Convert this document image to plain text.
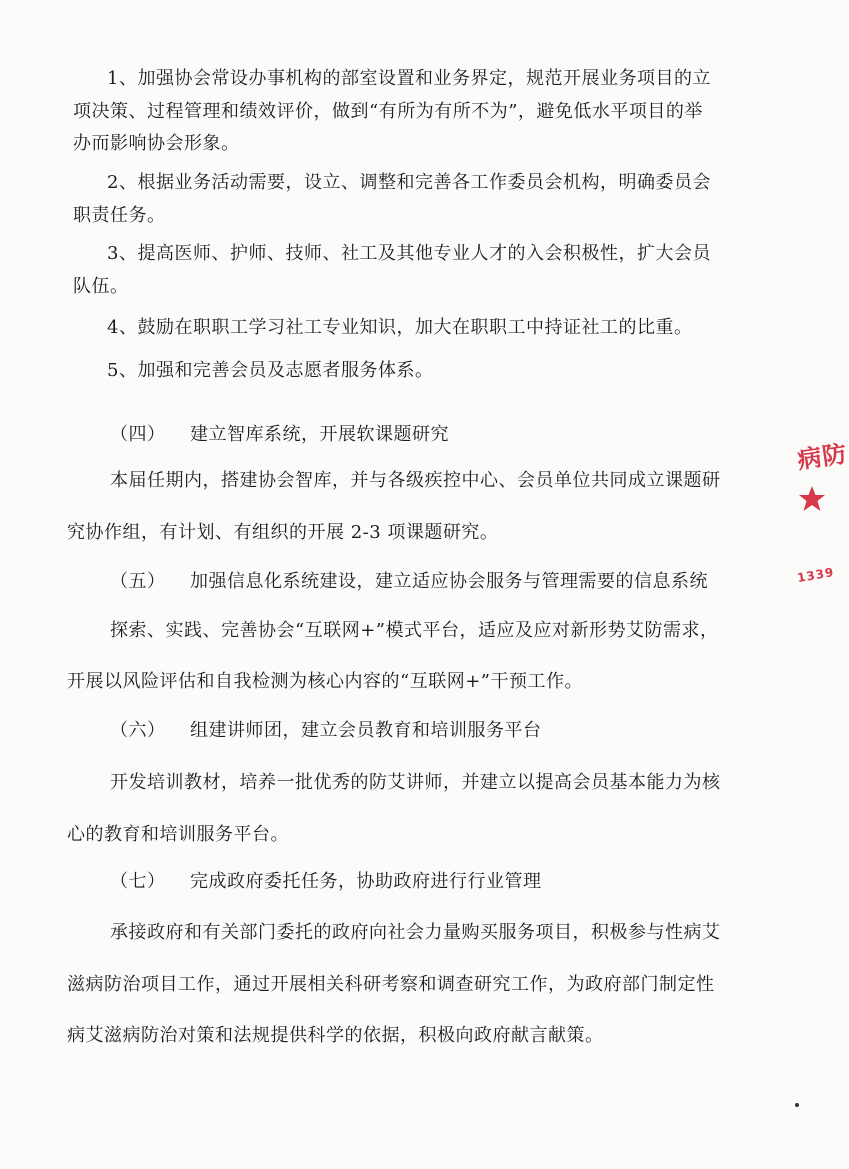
1、加强协会常设办事机构的部室设置和业务界定，规范开展业务项目的立
项决策、过程管理和绩效评价，做到“有所为有所不为”，避免低水平项目的举
办而影响协会形象。
2、根据业务活动需要，设立、调整和完善各工作委员会机构，明确委员会
职责任务。
3、提高医师、护师、技师、社工及其他专业人才的入会积极性，扩大会员
队伍。
4、鼓励在职职工学习社工专业知识，加大在职职工中持证社工的比重。
5、加强和完善会员及志愿者服务体系。
（四） 建立智库系统，开展软课题研究
本届任期内，搭建协会智库，并与各级疾控中心、会员单位共同成立课题研
究协作组，有计划、有组织的开展 2-3 项课题研究。
（五） 加强信息化系统建设，建立适应协会服务与管理需要的信息系统
探索、实践、完善协会“互联网+”模式平台，适应及应对新形势艾防需求，
开展以风险评估和自我检测为核心内容的“互联网+”干预工作。
（六） 组建讲师团，建立会员教育和培训服务平台
开发培训教材，培养一批优秀的防艾讲师，并建立以提高会员基本能力为核
心的教育和培训服务平台。
（七） 完成政府委托任务，协助政府进行行业管理
承接政府和有关部门委托的政府向社会力量购买服务项目，积极参与性病艾
滋病防治项目工作，通过开展相关科研考察和调查研究工作，为政府部门制定性
病艾滋病防治对策和法规提供科学的依据，积极向政府献言献策。
病防
1339
